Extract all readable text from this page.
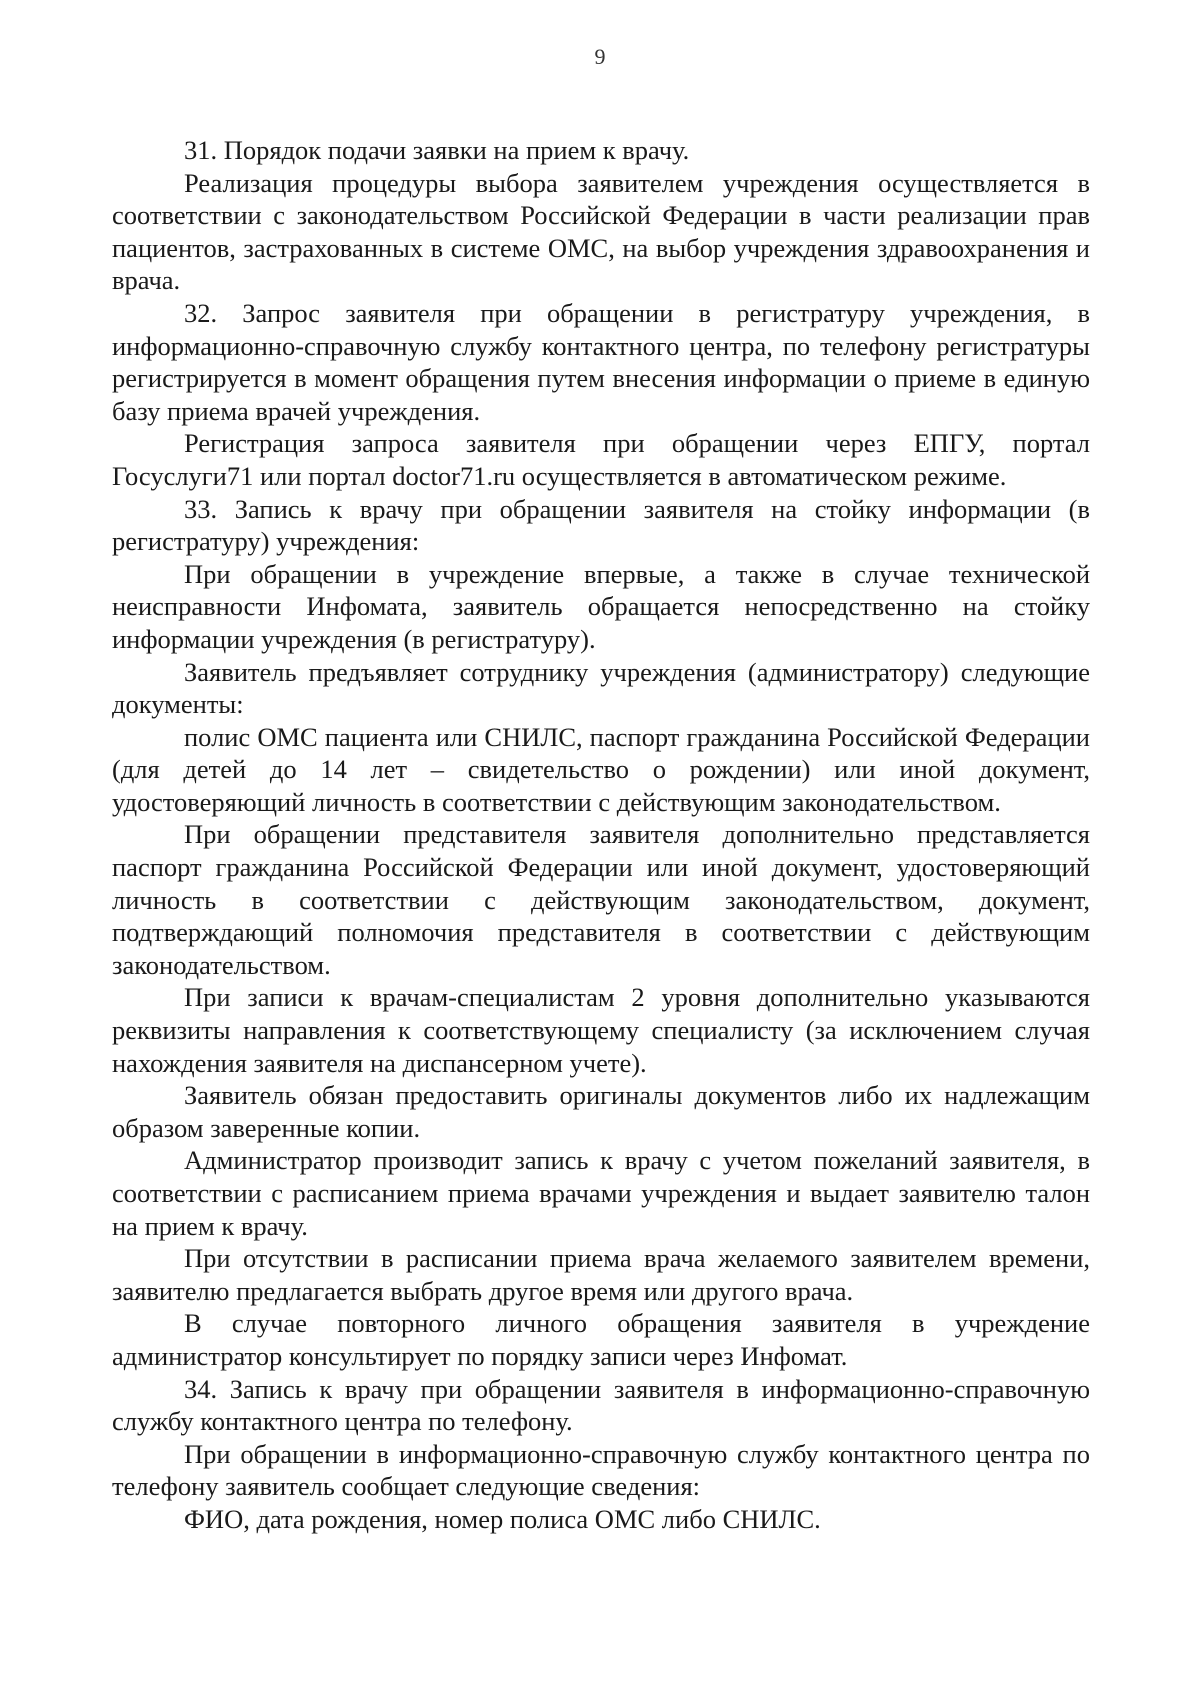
9

31. Порядок подачи заявки на прием к врачу.

Реализация процедуры выбора заявителем учреждения осуществляется в соответствии с законодательством Российской Федерации в части реализации прав пациентов, застрахованных в системе ОМС, на выбор учреждения здравоохранения и врача.

32. Запрос заявителя при обращении в регистратуру учреждения, в информационно-справочную службу контактного центра, по телефону регистратуры регистрируется в момент обращения путем внесения информации о приеме в единую базу приема врачей учреждения.

Регистрация запроса заявителя при обращении через ЕПГУ, портал Госуслуги71 или портал doctor71.ru осуществляется в автоматическом режиме.

33. Запись к врачу при обращении заявителя на стойку информации (в регистратуру) учреждения:

При обращении в учреждение впервые, а также в случае технической неисправности Инфомата, заявитель обращается непосредственно на стойку информации учреждения (в регистратуру).

Заявитель предъявляет сотруднику учреждения (администратору) следующие документы:

полис ОМС пациента или СНИЛС, паспорт гражданина Российской Федерации (для детей до 14 лет – свидетельство о рождении) или иной документ, удостоверяющий личность в соответствии с действующим законодательством.

При обращении представителя заявителя дополнительно представляется паспорт гражданина Российской Федерации или иной документ, удостоверяющий личность в соответствии с действующим законодательством, документ, подтверждающий полномочия представителя в соответствии с действующим законодательством.

При записи к врачам-специалистам 2 уровня дополнительно указываются реквизиты направления к соответствующему специалисту (за исключением случая нахождения заявителя на диспансерном учете).

Заявитель обязан предоставить оригиналы документов либо их надлежащим образом заверенные копии.

Администратор производит запись к врачу с учетом пожеланий заявителя, в соответствии с расписанием приема врачами учреждения и выдает заявителю талон на прием к врачу.

При отсутствии в расписании приема врача желаемого заявителем времени, заявителю предлагается выбрать другое время или другого врача.

В случае повторного личного обращения заявителя в учреждение администратор консультирует по порядку записи через Инфомат.

34. Запись к врачу при обращении заявителя в информационно-справочную службу контактного центра по телефону.

При обращении в информационно-справочную службу контактного центра по телефону заявитель сообщает следующие сведения:

ФИО, дата рождения, номер полиса ОМС либо СНИЛС.
